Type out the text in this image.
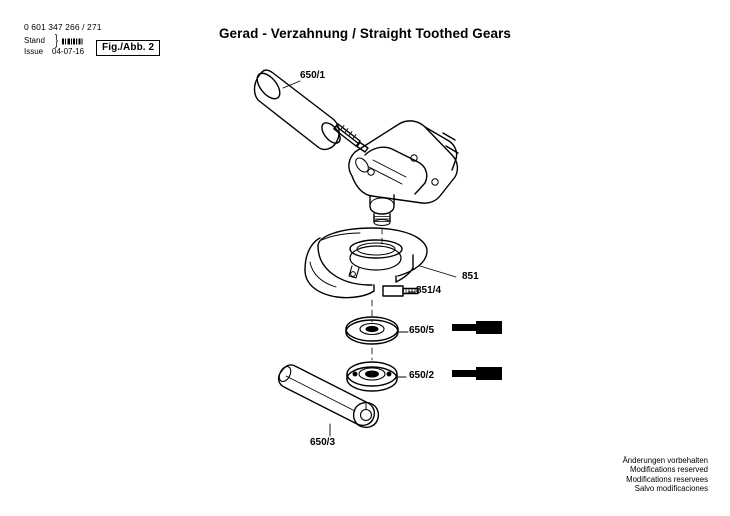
0 601 347 266 / 271
Stand
Issue	04-07-16
}	Fig./Abb. 2
Gerad - Verzahnung / Straight Toothed Gears
650/1
851
851/4
650/5
650/2
650/3
Änderungen vorbehalten
Modifications reserved
Modifications reservees
Salvo modificaciones
